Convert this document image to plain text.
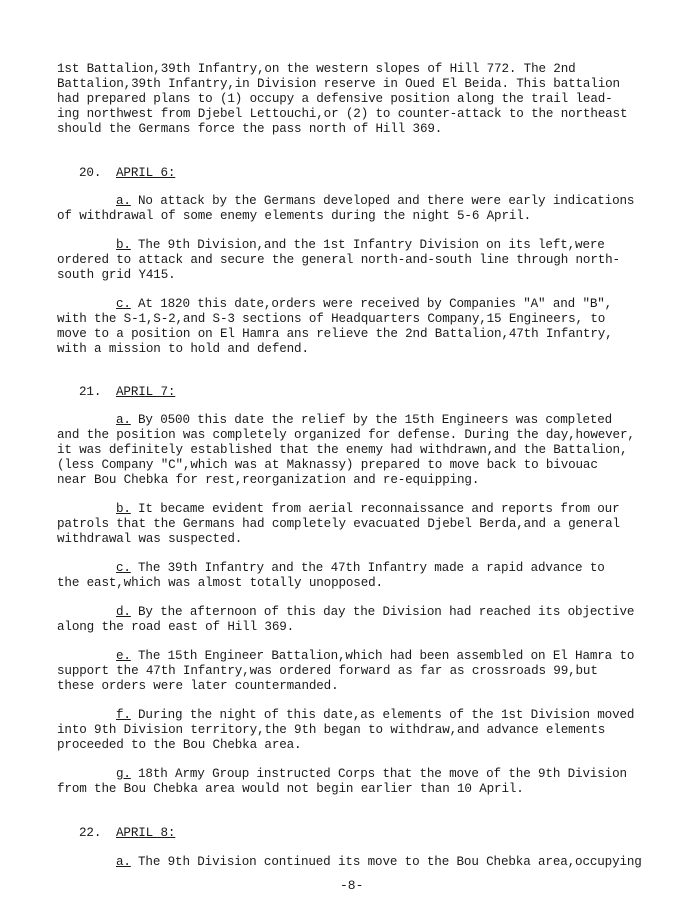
1st Battalion,39th Infantry,on the western slopes of Hill 772. The 2nd
Battalion,39th Infantry,in Division reserve in Oued El Beida. This battalion
had prepared plans to (1) occupy a defensive position along the trail lead-
ing northwest from Djebel Lettouchi,or (2) to counter-attack to the northeast
should the Germans force the pass north of Hill 369.
20. APRIL 6:
a. No attack by the Germans developed and there were early indications
of withdrawal of some enemy elements during the night 5-6 April.
b. The 9th Division,and the 1st Infantry Division on its left,were
ordered to attack and secure the general north-and-south line through north-
south grid Y415.
c. At 1820 this date,orders were received by Companies "A" and "B",
with the S-1,S-2,and S-3 sections of Headquarters Company,15 Engineers, to
move to a position on El Hamra ans relieve the 2nd Battalion,47th Infantry,
with a mission to hold and defend.
21. APRIL 7:
a. By 0500 this date the relief by the 15th Engineers was completed
and the position was completely organized for defense. During the day,however,
it was definitely established that the enemy had withdrawn,and the Battalion,
(less Company "C",which was at Maknassy) prepared to move back to bivouac
near Bou Chebka for rest,reorganization and re-equipping.
b. It became evident from aerial reconnaissance and reports from our
patrols that the Germans had completely evacuated Djebel Berda,and a general
withdrawal was suspected.
c. The 39th Infantry and the 47th Infantry made a rapid advance to
the east,which was almost totally unopposed.
d. By the afternoon of this day the Division had reached its objective
along the road east of Hill 369.
e. The 15th Engineer Battalion,which had been assembled on El Hamra to
support the 47th Infantry,was ordered forward as far as crossroads 99,but
these orders were later countermanded.
f. During the night of this date,as elements of the 1st Division moved
into 9th Division territory,the 9th began to withdraw,and advance elements
proceeded to the Bou Chebka area.
g. 18th Army Group instructed Corps that the move of the 9th Division
from the Bou Chebka area would not begin earlier than 10 April.
22. APRIL 8:
a. The 9th Division continued its move to the Bou Chebka area,occupying
-8-
